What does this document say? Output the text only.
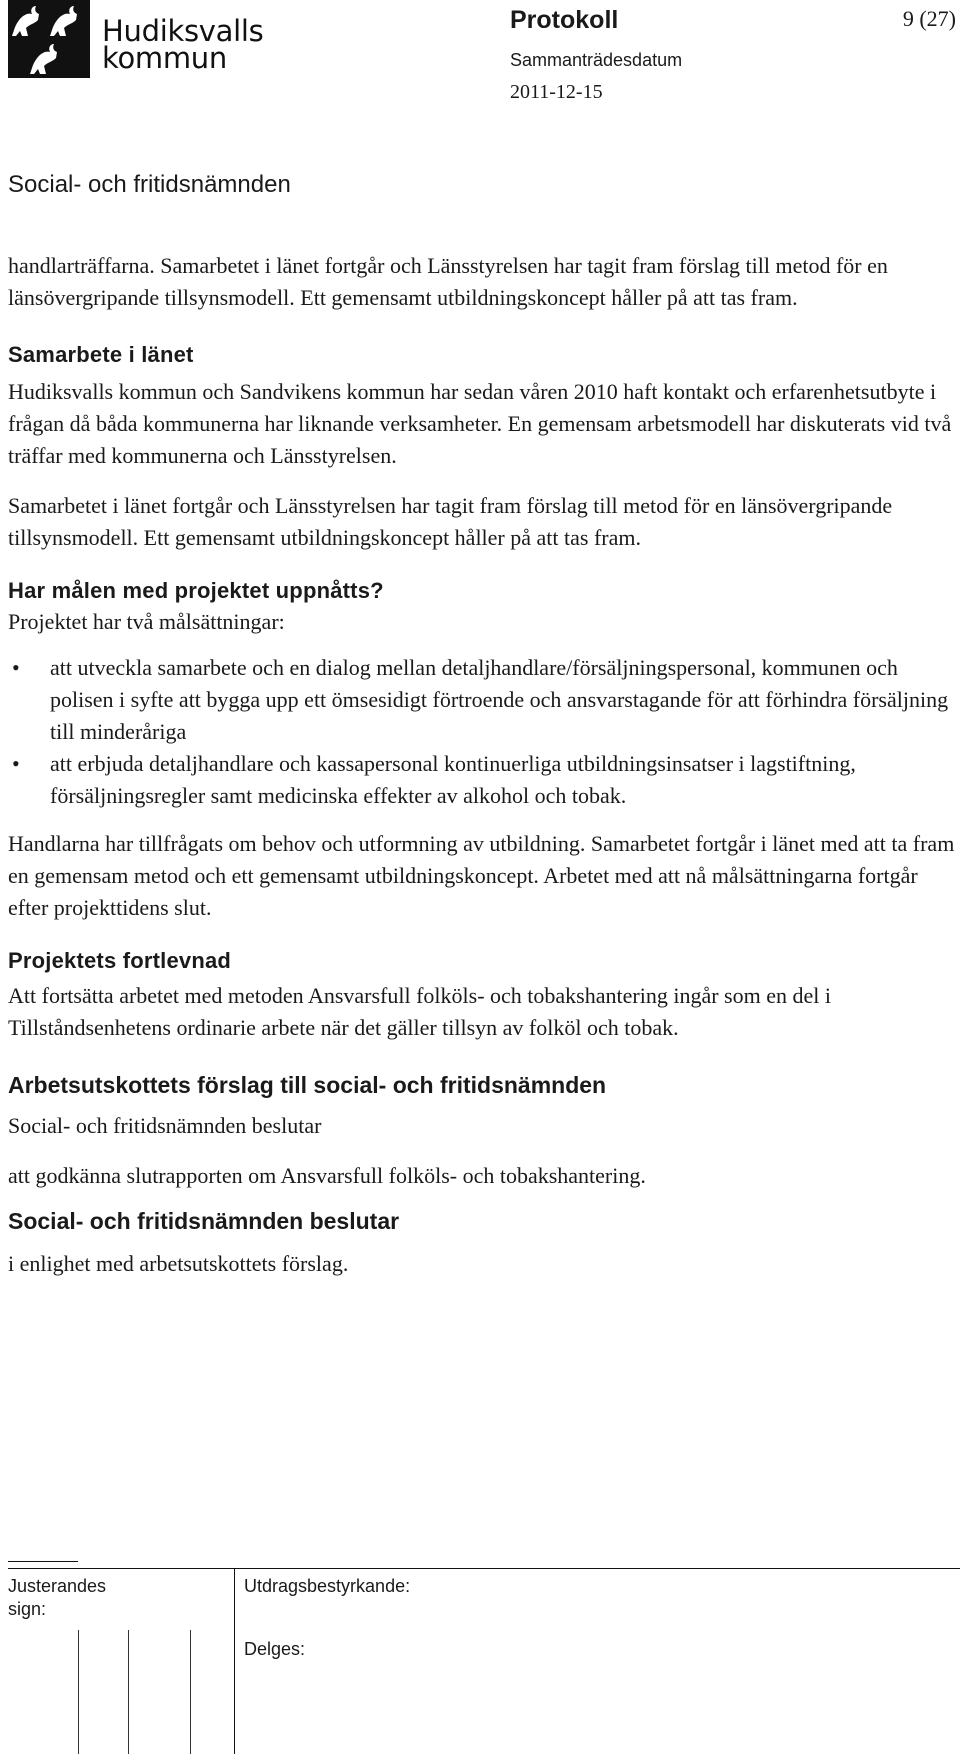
Hudiksvalls
kommun
Protokoll	9 (27)
Sammanträdesdatum
2011-12-15
Social- och fritidsnämnden

handlarträffarna. Samarbetet i länet fortgår och Länsstyrelsen har tagit fram förslag till metod för en länsövergripande tillsynsmodell. Ett gemensamt utbildningskoncept håller på att tas fram.

Samarbete i länet

Hudiksvalls kommun och Sandvikens kommun har sedan våren 2010 haft kontakt och erfarenhetsutbyte i frågan då båda kommunerna har liknande verksamheter. En gemensam arbetsmodell har diskuterats vid två träffar med kommunerna och Länsstyrelsen.

Samarbetet i länet fortgår och Länsstyrelsen har tagit fram förslag till metod för en länsövergripande tillsynsmodell. Ett gemensamt utbildningskoncept håller på att tas fram.

Har målen med projektet uppnåtts?

Projektet har två målsättningar:

• att utveckla samarbete och en dialog mellan detaljhandlare/försäljningspersonal, kommunen och polisen i syfte att bygga upp ett ömsesidigt förtroende och ansvarstagande för att förhindra försäljning till minderåriga
• att erbjuda detaljhandlare och kassapersonal kontinuerliga utbildningsinsatser i lagstiftning, försäljningsregler samt medicinska effekter av alkohol och tobak.

Handlarna har tillfrågats om behov och utformning av utbildning. Samarbetet fortgår i länet med att ta fram en gemensam metod och ett gemensamt utbildningskoncept. Arbetet med att nå målsättningarna fortgår efter projekttidens slut.

Projektets fortlevnad

Att fortsätta arbetet med metoden Ansvarsfull folköls- och tobakshantering ingår som en del i Tillståndsenhetens ordinarie arbete när det gäller tillsyn av folköl och tobak.

Arbetsutskottets förslag till social- och fritidsnämnden

Social- och fritidsnämnden beslutar

att godkänna slutrapporten om Ansvarsfull folköls- och tobakshantering.

Social- och fritidsnämnden beslutar

i enlighet med arbetsutskottets förslag.

Justerandes sign:
Utdragsbestyrkande:
Delges:
